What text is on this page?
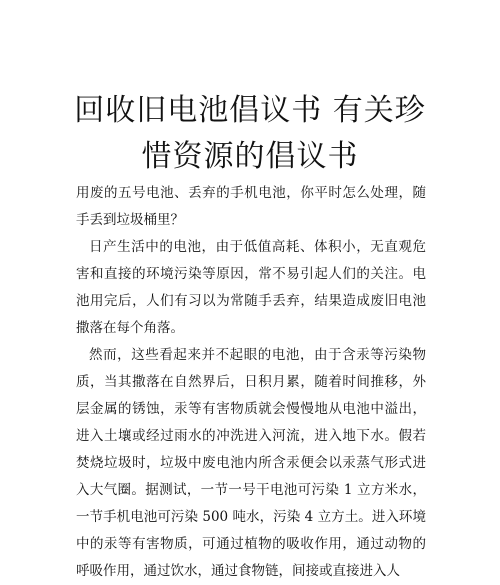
回收旧电池倡议书 有关珍
惜资源的倡议书

用废的五号电池、丢弃的手机电池，你平时怎么处理，随手丢到垃圾桶里？

日产生活中的电池，由于低值高耗、体积小，无直观危害和直接的环境污染等原因，常不易引起人们的关注。电池用完后，人们有习以为常随手丢弃，结果造成废旧电池撒落在每个角落。

然而，这些看起来并不起眼的电池，由于含汞等污染物质，当其撒落在自然界后，日积月累，随着时间推移，外层金属的锈蚀，汞等有害物质就会慢慢地从电池中溢出，进入土壤或经过雨水的冲洗进入河流，进入地下水。假若焚烧垃圾时，垃圾中废电池内所含汞便会以汞蒸气形式进入大气圈。据测试，一节一号干电池可污染 1 立方米水，一节手机电池可污染 500 吨水，污染 4 立方土。进入环境中的汞等有害物质，可通过植物的吸收作用，通过动物的呼吸作用，通过饮水，通过食物链，间接或直接进入人
